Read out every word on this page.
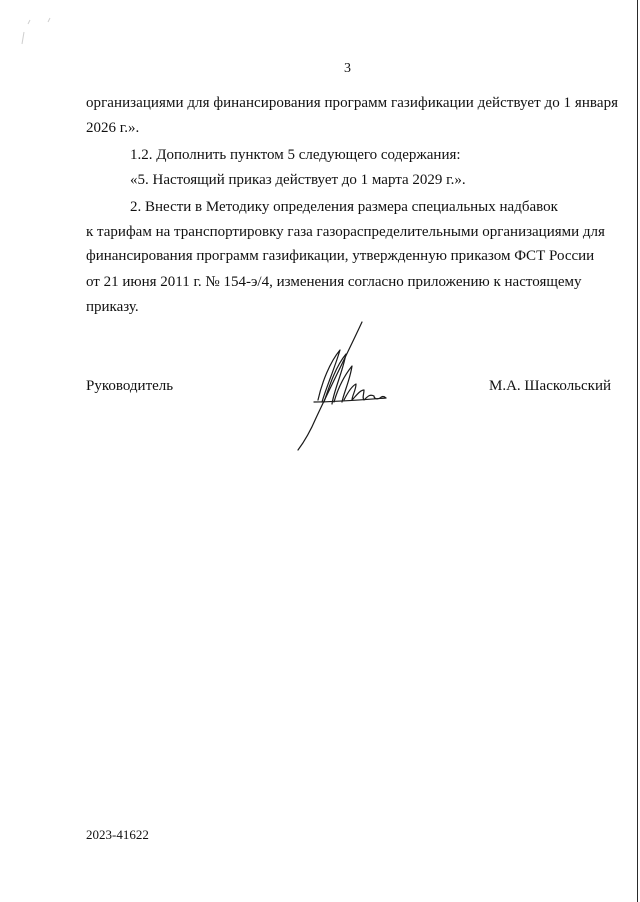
3
организациями для финансирования программ газификации действует до 1 января
2026 г.».
1.2. Дополнить пунктом 5 следующего содержания:
«5. Настоящий приказ действует до 1 марта 2029 г.».
2. Внести в Методику определения размера специальных надбавок
к тарифам на транспортировку газа газораспределительными организациями для
финансирования программ газификации, утвержденную приказом ФСТ России
от 21 июня 2011 г. № 154-э/4, изменения согласно приложению к настоящему
приказу.
Руководитель	М.А. Шаскольский
2023-41622
